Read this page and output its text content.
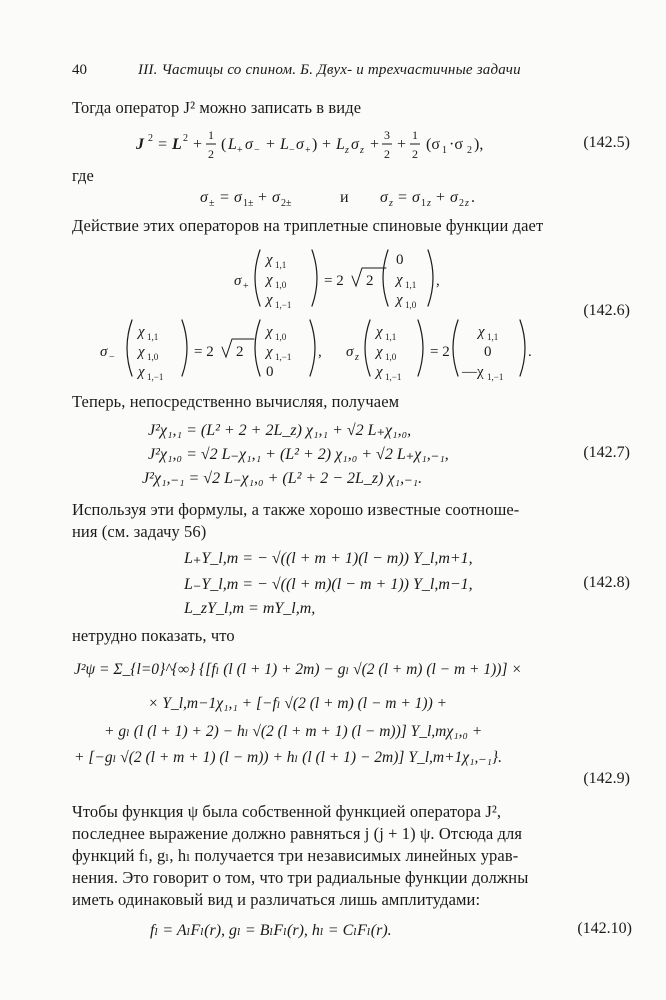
40	III. Частицы со спином. Б. Двух- и трехчастичные задачи
Тогда оператор J² можно записать в виде
J 2 = L 2 +
1
2
( L + σ − + L − σ + ) + L z σ z +
3
2
+
1
2
(σ 1 ·σ 2 ),	(142.5)
где
σ ± = σ 1± + σ 2±	и σ z = σ 1 z + σ 2 z .
Действие этих операторов на триплетные спиновые функции дает
σ +
χ 1,1
χ 1,0
χ 1,−1
= 2 2
0
χ 1,1
χ 1,0
,
σ −
χ 1,1
χ 1,0
χ 1,−1
= 2 2
χ 1,0
χ 1,−1
0
, σ z
χ 1,1
χ 1,0
χ 1,−1
= 2
χ 1,1
0
—χ 1,−1
.
(142.6)
Теперь, непосредственно вычисляя, получаем
J²χ₁,₁ = (L² + 2 + 2L_z) χ₁,₁ + √2 L₊χ₁,₀,
J²χ₁,₀ = √2 L₋χ₁,₁ + (L² + 2) χ₁,₀ + √2 L₊χ₁,₋₁,
J²χ₁,₋₁ = √2 L₋χ₁,₀ + (L² + 2 − 2L_z) χ₁,₋₁.
(142.7)
Используя эти формулы, а также хорошо известные соотноше-
ния (см. задачу 56)
L₊Y_l,m = − √((l + m + 1)(l − m)) Y_l,m+1,
L₋Y_l,m = − √((l + m)(l − m + 1)) Y_l,m−1,
L_zY_l,m = mY_l,m,
(142.8)
нетрудно показать, что
J²ψ = Σ_{l=0}^{∞} {[fₗ (l (l + 1) + 2m) − gₗ √(2 (l + m) (l − m + 1))] ×
× Y_l,m−1χ₁,₁ + [−fₗ √(2 (l + m) (l − m + 1)) +
+ gₗ (l (l + 1) + 2) − hₗ √(2 (l + m + 1) (l − m))] Y_l,mχ₁,₀ +
+ [−gₗ √(2 (l + m + 1) (l − m)) + hₗ (l (l + 1) − 2m)] Y_l,m+1χ₁,₋₁}.
(142.9)
Чтобы функция ψ была собственной функцией оператора J²,
последнее выражение должно равняться j (j + 1) ψ. Отсюда для
функций fₗ, gₗ, hₗ получается три независимых линейных урав-
нения. Это говорит о том, что три радиальные функции должны
иметь одинаковый вид и различаться лишь амплитудами:
fₗ = AₗFₗ(r), gₗ = BₗFₗ(r), hₗ = CₗFₗ(r).	(142.10)
